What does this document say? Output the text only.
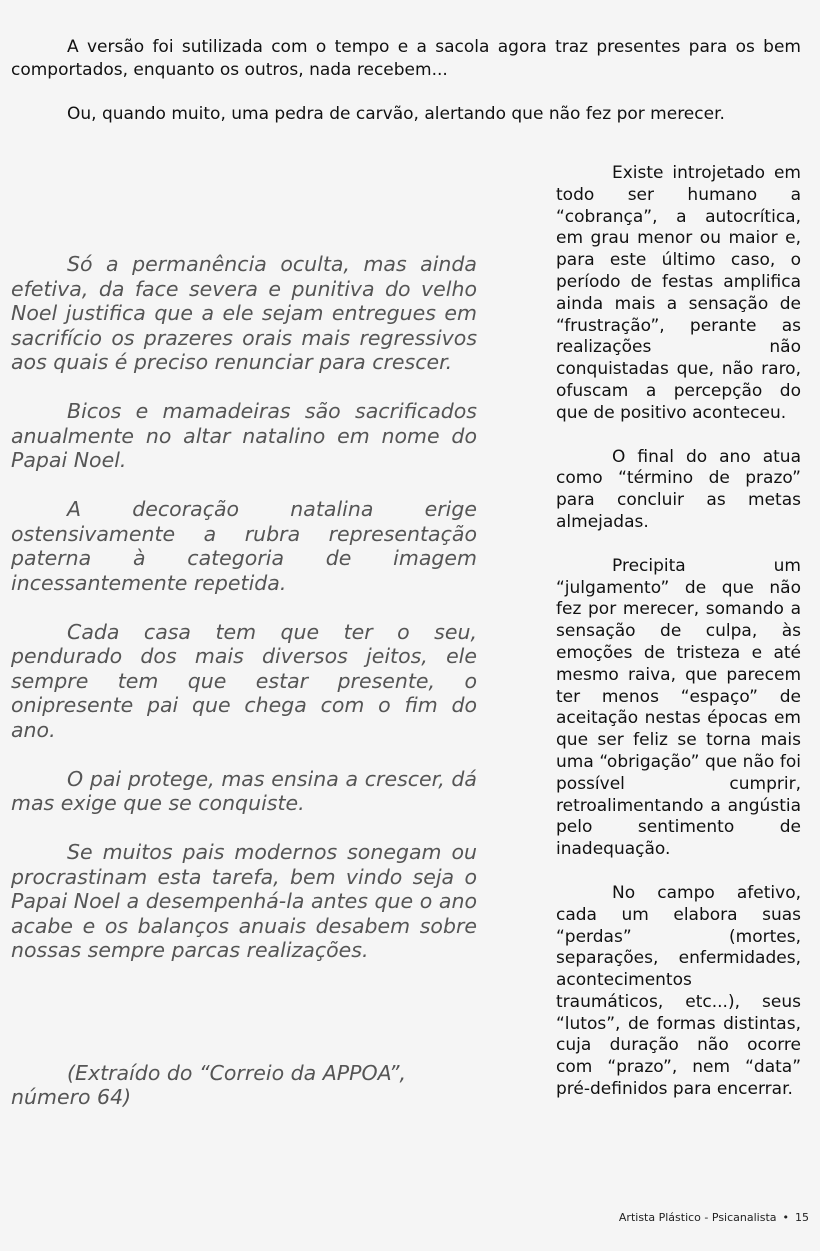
A versão foi sutilizada com o tempo e a sacola agora traz presentes para os bem comportados, enquanto os outros, nada recebem...

Ou, quando muito, uma pedra de carvão, alertando que não fez por merecer.

Só a permanência oculta, mas ainda efetiva, da face severa e punitiva do velho Noel justifica que a ele sejam entregues em sacrifício os prazeres orais mais regressivos aos quais é preciso renunciar para crescer.

Bicos e mamadeiras são sacrificados anualmente no altar natalino em nome do Papai Noel.

A decoração natalina erige ostensivamente a rubra representação paterna à categoria de imagem incessantemente repetida.

Cada casa tem que ter o seu, pendurado dos mais diversos jeitos, ele sempre tem que estar presente, o onipresente pai que chega com o fim do ano.

O pai protege, mas ensina a crescer, dá mas exige que se conquiste.

Se muitos pais modernos sonegam ou procrastinam esta tarefa, bem vindo seja o Papai Noel a desempenhá-la antes que o ano acabe e os balanços anuais desabem sobre nossas sempre parcas realizações.

(Extraído do “Correio da APPOA”, número 64)

Existe introjetado em todo ser humano a “cobrança”, a autocrítica, em grau menor ou maior e, para este último caso, o período de festas amplifica ainda mais a sensação de “frustração”, perante as realizações não conquistadas que, não raro, ofuscam a percepção do que de positivo aconteceu.

O final do ano atua como “término de prazo” para concluir as metas almejadas.

Precipita um “julgamento” de que não fez por merecer, somando a sensação de culpa, às emoções de tristeza e até mesmo raiva, que parecem ter menos “espaço” de aceitação nestas épocas em que ser feliz se torna mais uma “obrigação” que não foi possível cumprir, retroalimentando a angústia pelo sentimento de inadequação.

No campo afetivo, cada um elabora suas “perdas” (mortes, separações, enfermidades, acontecimentos traumáticos, etc...), seus “lutos”, de formas distintas, cuja duração não ocorre com “prazo”, nem “data” pré-definidos para encerrar.

Artista Plástico - Psicanalista • 15
